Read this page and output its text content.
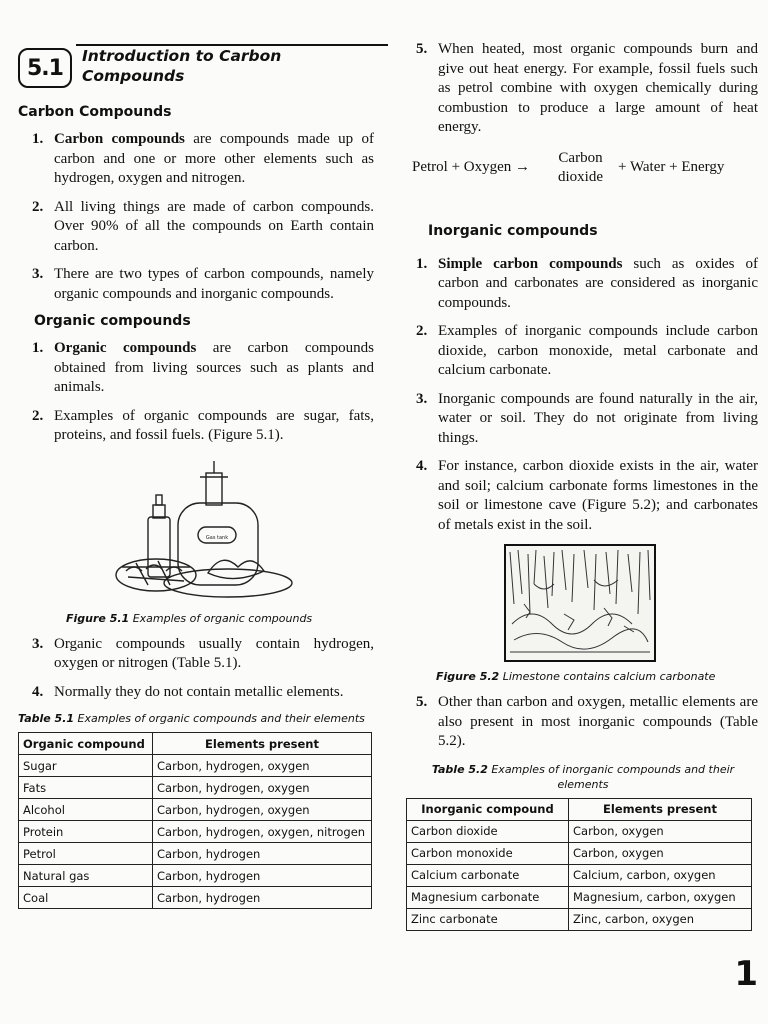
5.1	Introduction to Carbon Compounds
Carbon Compounds
1. Carbon compounds are compounds made up of carbon and one or more other elements such as hydrogen, oxygen and nitrogen.
2. All living things are made of carbon compounds. Over 90% of all the compounds on Earth contain carbon.
3. There are two types of carbon compounds, namely organic compounds and inorganic compounds.
Organic compounds
1. Organic compounds are carbon compounds obtained from living sources such as plants and animals.
2. Examples of organic compounds are sugar, fats, proteins, and fossil fuels. (Figure 5.1).
Gas tank
Figure 5.1 Examples of organic compounds
3. Organic compounds usually contain hydrogen, oxygen or nitrogen (Table 5.1).
4. Normally they do not contain metallic elements.
Table 5.1 Examples of organic compounds and their elements
Organic compound	Elements present
Sugar	Carbon, hydrogen, oxygen
Fats	Carbon, hydrogen, oxygen
Alcohol	Carbon, hydrogen, oxygen
Protein	Carbon, hydrogen, oxygen, nitrogen
Petrol	Carbon, hydrogen
Natural gas	Carbon, hydrogen
Coal	Carbon, hydrogen
5. When heated, most organic compounds burn and give out heat energy. For example, fossil fuels such as petrol combine with oxygen chemically during combustion to produce a large amount of heat energy.
Petrol + Oxygen →
Carbon
dioxide
+ Water + Energy
Inorganic compounds
1. Simple carbon compounds such as oxides of carbon and carbonates are considered as inorganic compounds.
2. Examples of inorganic compounds include carbon dioxide, carbon monoxide, metal carbonate and calcium carbonate.
3. Inorganic compounds are found naturally in the air, water or soil. They do not originate from living things.
4. For instance, carbon dioxide exists in the air, water and soil; calcium carbonate forms limestones in the soil or limestone cave (Figure 5.2); and carbonates of metals exist in the soil.
Figure 5.2 Limestone contains calcium carbonate
5. Other than carbon and oxygen, metallic elements are also present in most inorganic compounds (Table 5.2).
Table 5.2 Examples of inorganic compounds and their elements
Inorganic compound	Elements present
Carbon dioxide	Carbon, oxygen
Carbon monoxide	Carbon, oxygen
Calcium carbonate	Calcium, carbon, oxygen
Magnesium carbonate	Magnesium, carbon, oxygen
Zinc carbonate	Zinc, carbon, oxygen
1
